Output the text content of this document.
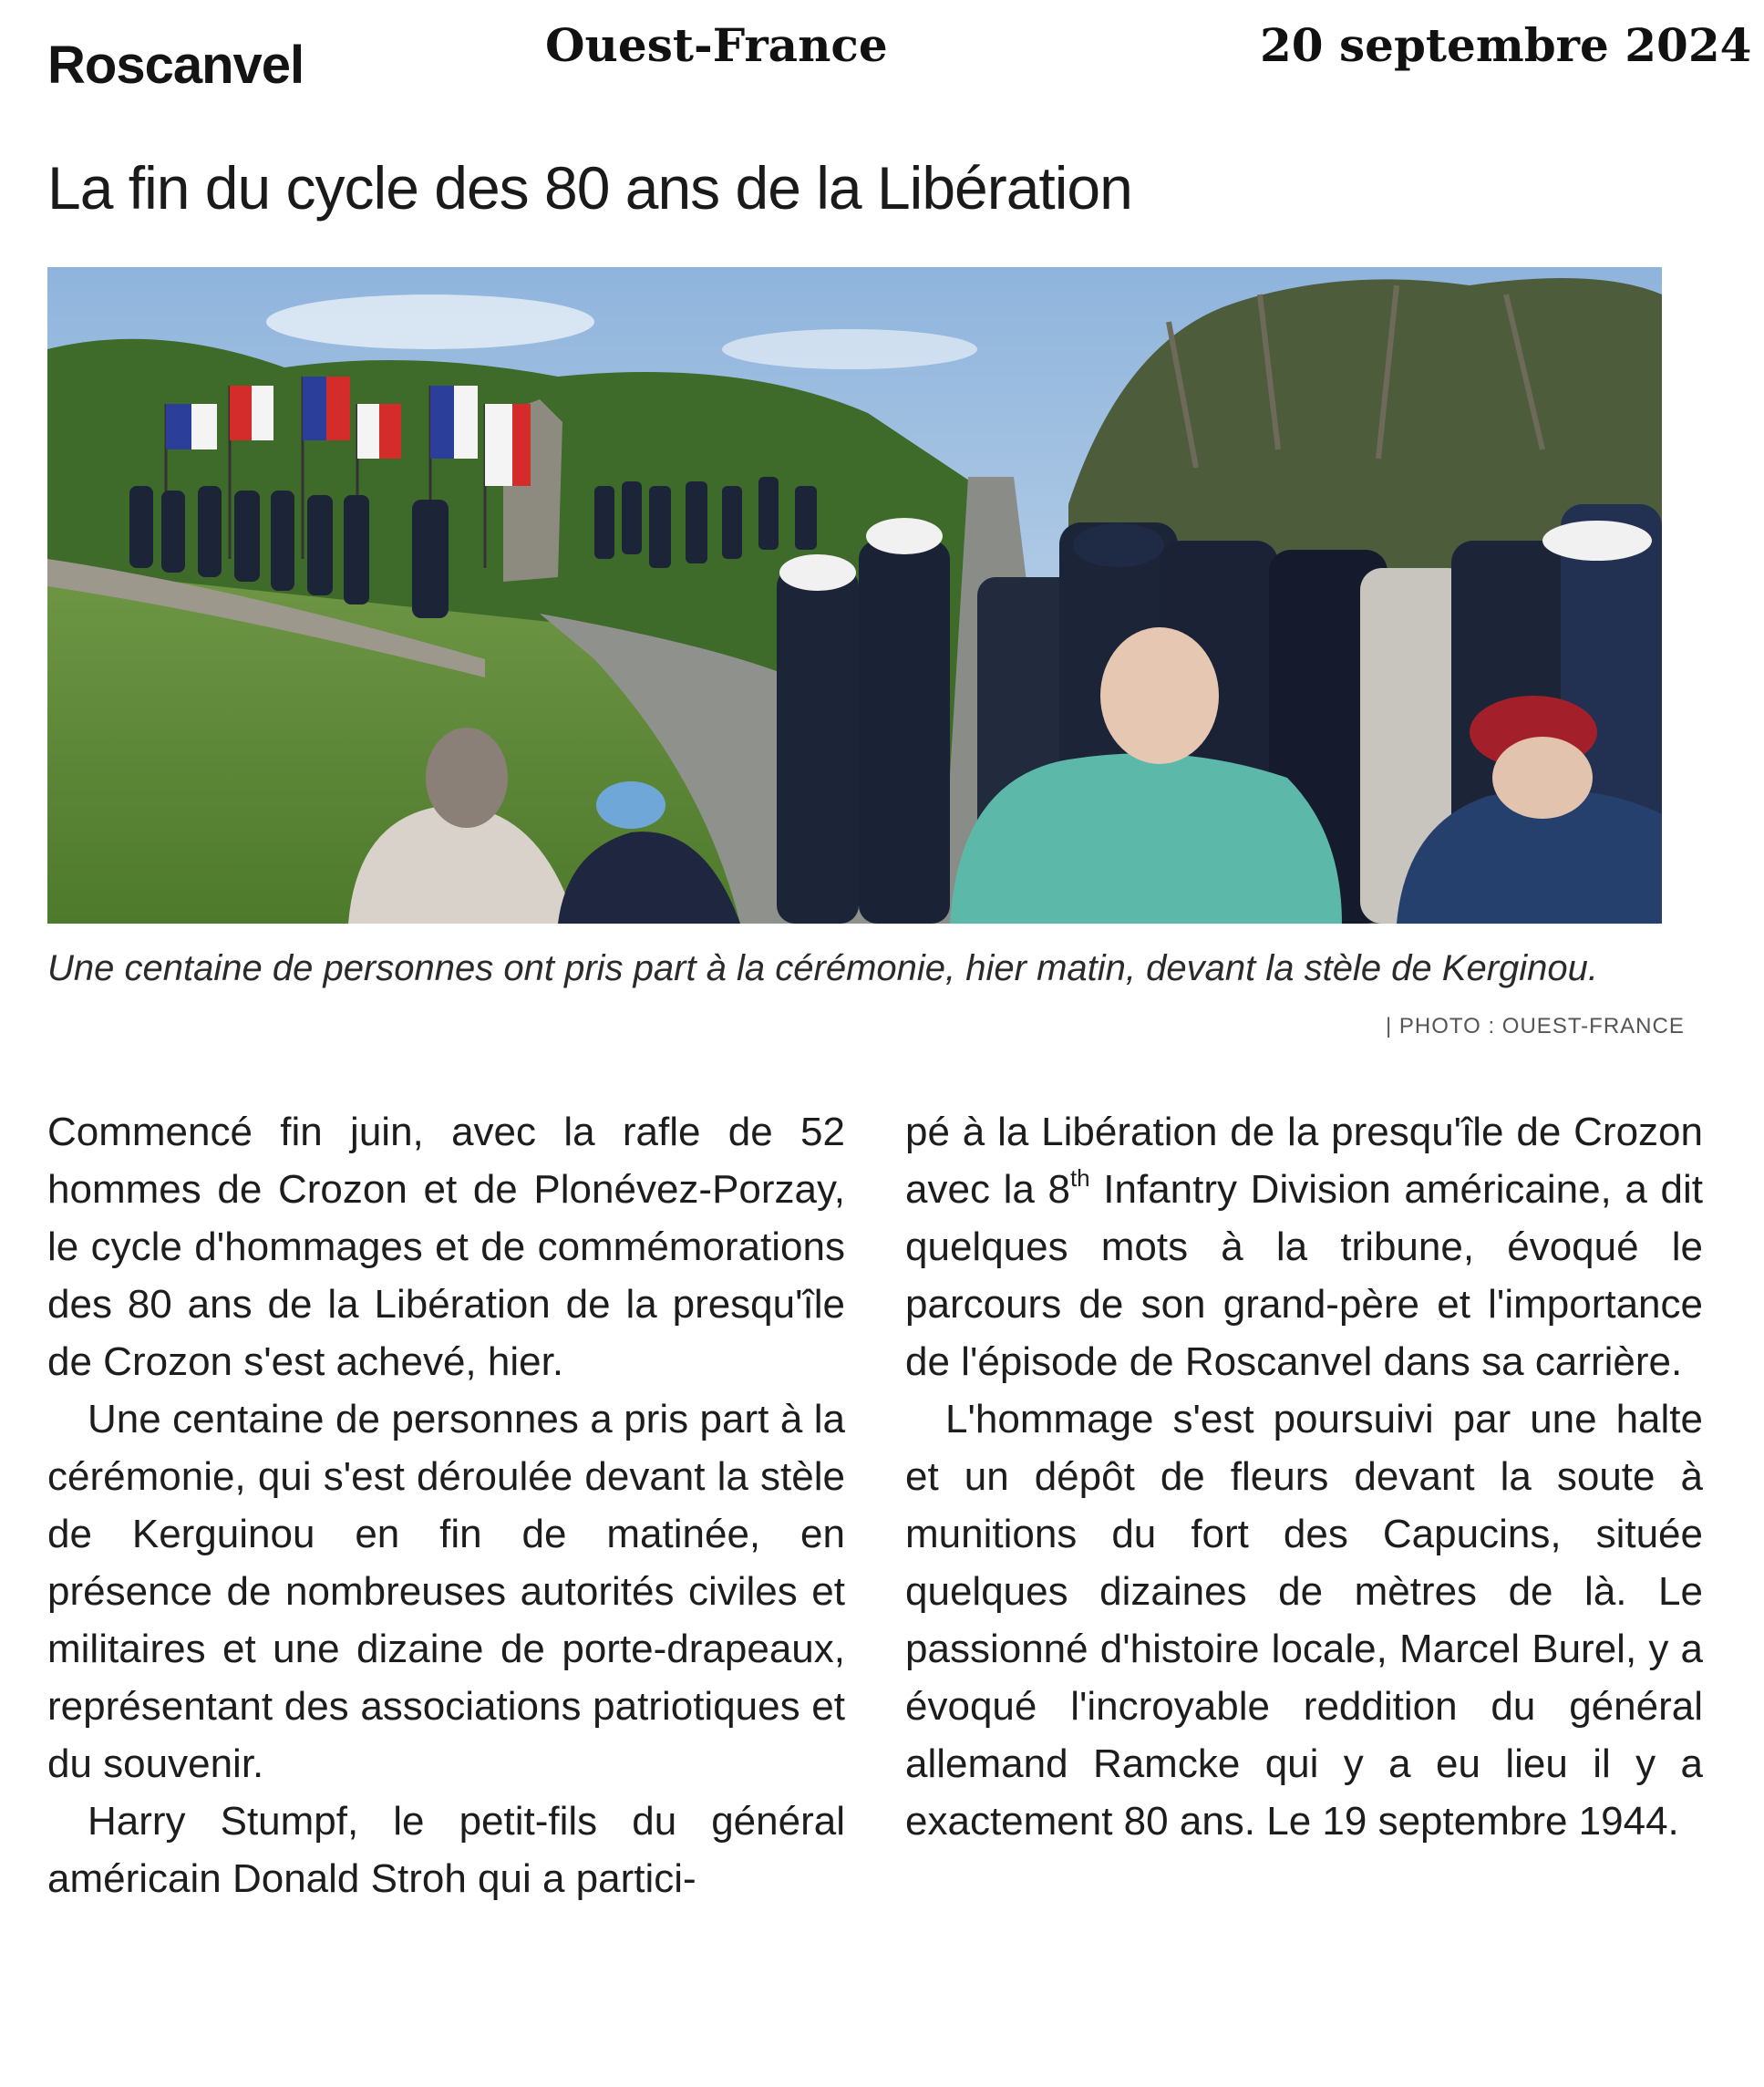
Roscanvel	Ouest-France	20 septembre 2024
La fin du cycle des 80 ans de la Libération
Une centaine de personnes ont pris part à la cérémonie, hier matin, devant la stèle de Kerginou.
| PHOTO : OUEST-FRANCE

Commencé fin juin, avec la rafle de 52 hommes de Crozon et de Plonévez-Porzay, le cycle d'hommages et de commémorations des 80 ans de la Libération de la presqu'île de Crozon s'est achevé, hier.

Une centaine de personnes a pris part à la cérémonie, qui s'est déroulée devant la stèle de Kerguinou en fin de matinée, en présence de nombreuses autorités civiles et militaires et une dizaine de porte-drapeaux, représentant des associations patriotiques et du souvenir.

Harry Stumpf, le petit-fils du général américain Donald Stroh qui a partici-

pé à la Libération de la presqu'île de Crozon avec la 8th Infantry Division américaine, a dit quelques mots à la tribune, évoqué le parcours de son grand-père et l'importance de l'épisode de Roscanvel dans sa carrière.

L'hommage s'est poursuivi par une halte et un dépôt de fleurs devant la soute à munitions du fort des Capucins, située quelques dizaines de mètres de là. Le passionné d'histoire locale, Marcel Burel, y a évoqué l'incroyable reddition du général allemand Ramcke qui y a eu lieu il y a exactement 80 ans. Le 19 septembre 1944.
